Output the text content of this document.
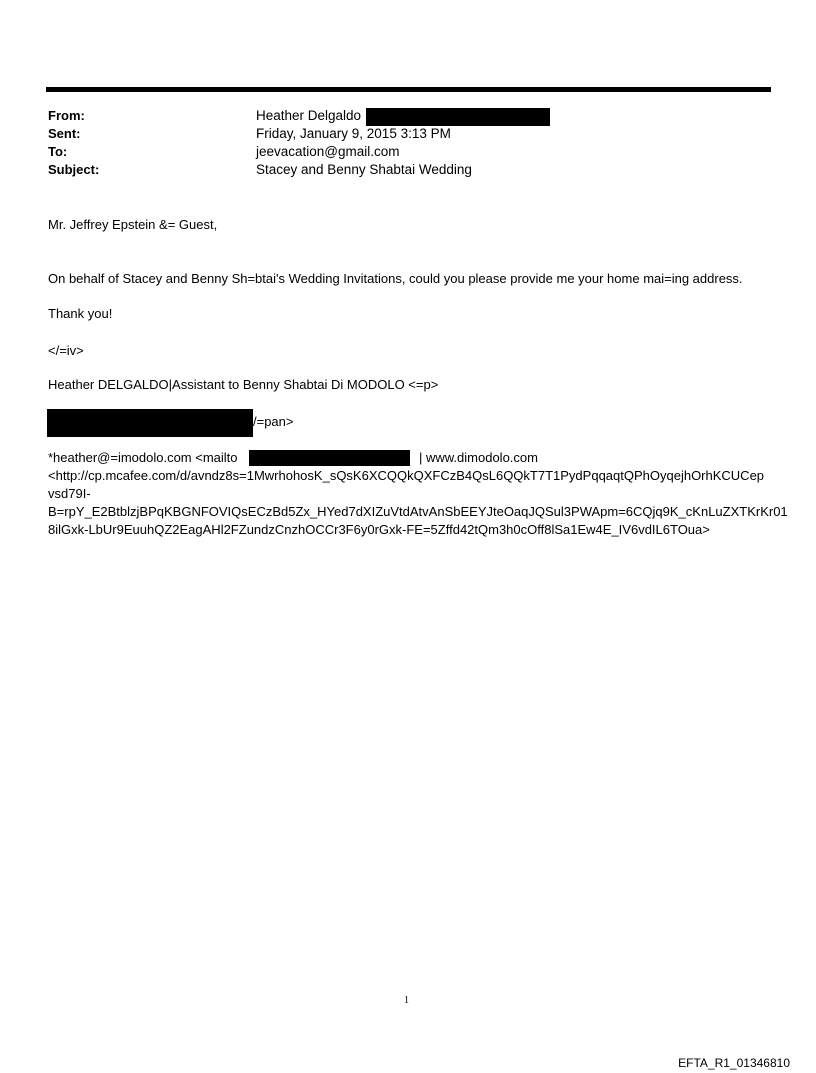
From:	Heather Delgaldo
Sent:	Friday, January 9, 2015 3:13 PM
To:	jeevacation@gmail.com
Subject:	Stacey and Benny Shabtai Wedding
Mr. Jeffrey Epstein &= Guest,
On behalf of Stacey and Benny Sh=btai's Wedding Invitations, could you please provide me your home mai=ing address.
Thank you!
</=iv>
Heather DELGALDO|Assistant to Benny Shabtai Di MODOLO <=p>
/=pan>
*heather@=imodolo.com <mailto	| www.dimodolo.com
<http://cp.mcafee.com/d/avndz8s=1MwrhohosK_sQsK6XCQQkQXFCzB4QsL6QQkT7T1PydPqqaqtQPhOyqejhOrhKCUCep
vsd79I-
B=rpY_E2BtblzjBPqKBGNFOVIQsECzBd5Zx_HYed7dXIZuVtdAtvAnSbEEYJteOaqJQSul3PWApm=6CQjq9K_cKnLuZXTKrKr01
8ilGxk-LbUr9EuuhQZ2EagAHl2FZundzCnzhOCCr3F6y0rGxk-FE=5Zffd42tQm3h0cOff8lSa1Ew4E_IV6vdIL6TOua>
1
EFTA_R1_01346810
